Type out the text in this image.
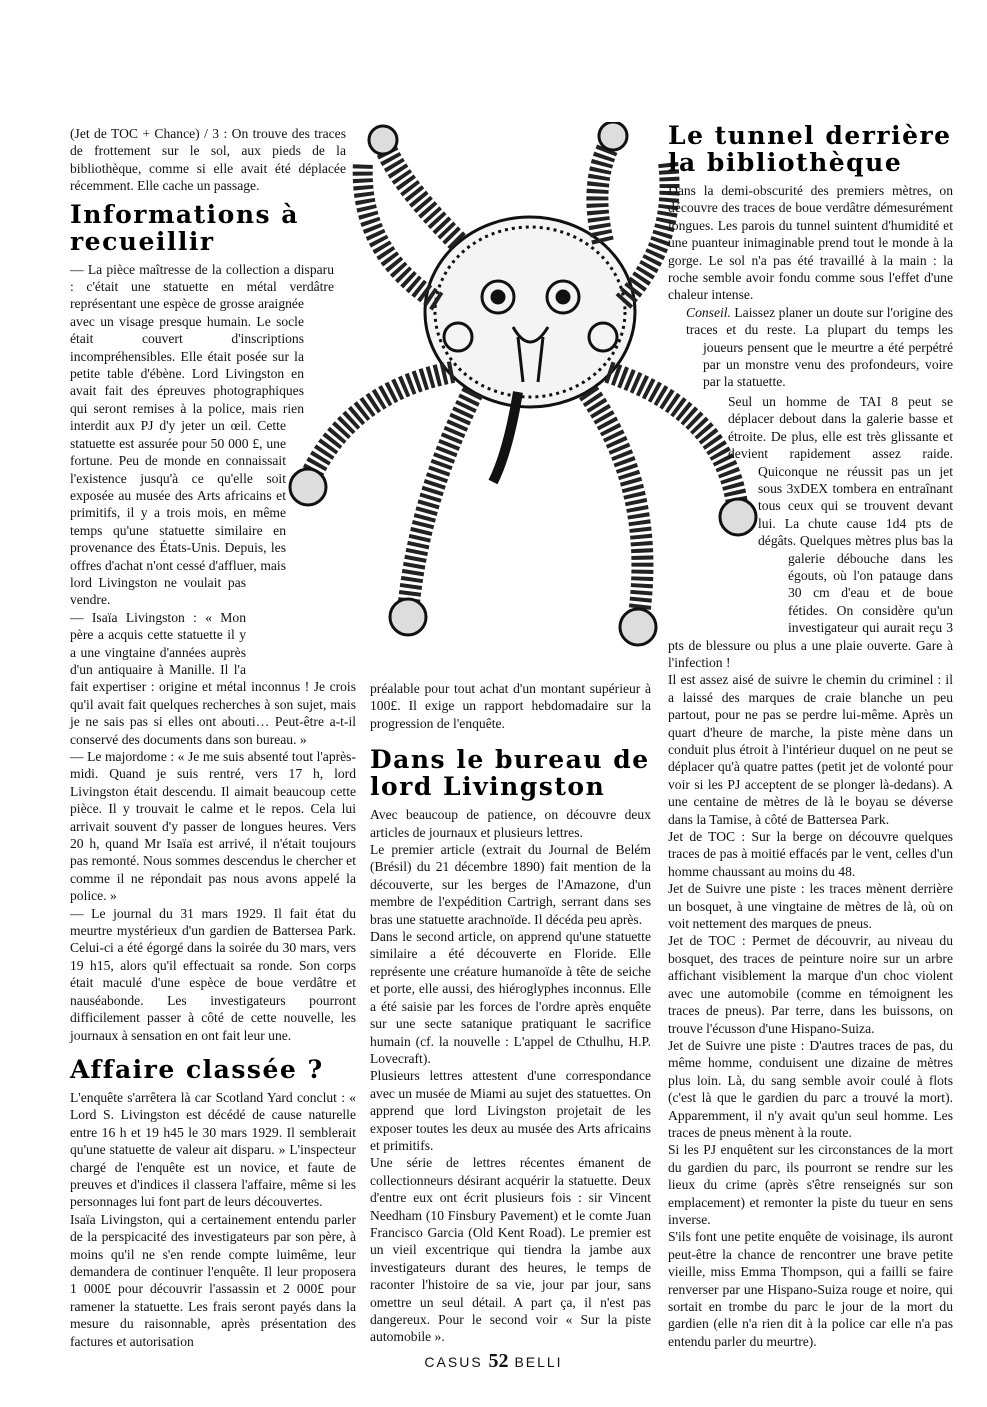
(Jet de TOC + Chance) / 3 : On trouve des traces de frottement sur le sol, aux pieds de la bibliothèque, comme si elle avait été déplacée récemment. Elle cache un passage.

Informations à recueillir

— La pièce maîtresse de la collection a disparu : c'était une statuette en métal verdâtre représentant une espèce de grosse araignée avec un visage presque humain. Le socle était couvert d'inscriptions incompréhensibles. Elle était posée sur la petite table d'ébène. Lord Livingston en avait fait des épreuves photographiques qui seront remises à la police, mais rien interdit aux PJ d'y jeter un œil. Cette statuette est assurée pour 50 000 £, une fortune. Peu de monde en connaissait l'existence jusqu'à ce qu'elle soit exposée au musée des Arts africains et primitifs, il y a trois mois, en même temps qu'une statuette similaire en provenance des États-Unis. Depuis, les offres d'achat n'ont cessé d'affluer, mais lord Livingston ne voulait pas vendre.

— Isaïa Livingston : « Mon père a acquis cette statuette il y a une vingtaine d'années auprès d'un antiquaire à Manille. Il l'a fait expertiser : origine et métal inconnus ! Je crois qu'il avait fait quelques recherches à son sujet, mais je ne sais pas si elles ont abouti… Peut-être a-t-il conservé des documents dans son bureau. »

— Le majordome : « Je me suis absenté tout l'après-midi. Quand je suis rentré, vers 17 h, lord Livingston était descendu. Il aimait beaucoup cette pièce. Il y trouvait le calme et le repos. Cela lui arrivait souvent d'y passer de longues heures. Vers 20 h, quand Mr Isaïa est arrivé, il n'était toujours pas remonté. Nous sommes descendus le chercher et comme il ne répondait pas nous avons appelé la police. »

— Le journal du 31 mars 1929. Il fait état du meurtre mystérieux d'un gardien de Battersea Park. Celui-ci a été égorgé dans la soirée du 30 mars, vers 19 h15, alors qu'il effectuait sa ronde. Son corps était maculé d'une espèce de boue verdâtre et nauséabonde. Les investigateurs pourront difficilement passer à côté de cette nouvelle, les journaux à sensation en ont fait leur une.

Affaire classée ?

L'enquête s'arrêtera là car Scotland Yard conclut : « Lord S. Livingston est décédé de cause naturelle entre 16 h et 19 h45 le 30 mars 1929. Il semblerait qu'une statuette de valeur ait disparu. » L'inspecteur chargé de l'enquête est un novice, et faute de preuves et d'indices il classera l'affaire, même si les personnages lui font part de leurs découvertes.

Isaïa Livingston, qui a certainement entendu parler de la perspicacité des investigateurs par son père, à moins qu'il ne s'en rende compte luimême, leur demandera de continuer l'enquête. Il leur proposera 1 000£ pour découvrir l'assassin et 2 000£ pour ramener la statuette. Les frais seront payés dans la mesure du raisonnable, après présentation des factures et autorisation

préalable pour tout achat d'un montant supérieur à 100£. Il exige un rapport hebdomadaire sur la progression de l'enquête.

Dans le bureau de lord Livingston

Avec beaucoup de patience, on découvre deux articles de journaux et plusieurs lettres.

Le premier article (extrait du Journal de Belém (Brésil) du 21 décembre 1890) fait mention de la découverte, sur les berges de l'Amazone, d'un membre de l'expédition Cartrigh, serrant dans ses bras une statuette arachnoïde. Il décéda peu après.

Dans le second article, on apprend qu'une statuette similaire a été découverte en Floride. Elle représente une créature humanoïde à tête de seiche et porte, elle aussi, des hiéroglyphes inconnus. Elle a été saisie par les forces de l'ordre après enquête sur une secte satanique pratiquant le sacrifice humain (cf. la nouvelle : L'appel de Cthulhu, H.P. Lovecraft).

Plusieurs lettres attestent d'une correspondance avec un musée de Miami au sujet des statuettes. On apprend que lord Livingston projetait de les exposer toutes les deux au musée des Arts africains et primitifs.

Une série de lettres récentes émanent de collectionneurs désirant acquérir la statuette. Deux d'entre eux ont écrit plusieurs fois : sir Vincent Needham (10 Finsbury Pavement) et le comte Juan Francisco Garcia (Old Kent Road). Le premier est un vieil excentrique qui tiendra la jambe aux investigateurs durant des heures, le temps de raconter l'histoire de sa vie, jour par jour, sans omettre un seul détail. A part ça, il n'est pas dangereux. Pour le second voir « Sur la piste automobile ».

Le tunnel derrière la bibliothèque

Dans la demi-obscurité des premiers mètres, on découvre des traces de boue verdâtre démesurément longues. Les parois du tunnel suintent d'humidité et une puanteur inimaginable prend tout le monde à la gorge. Le sol n'a pas été travaillé à la main : la roche semble avoir fondu comme sous l'effet d'une chaleur intense.

Conseil. Laissez planer un doute sur l'origine des traces et du reste. La plupart du temps les joueurs pensent que le meurtre a été perpétré par un monstre venu des profondeurs, voire par la statuette.

Seul un homme de TAI 8 peut se déplacer debout dans la galerie basse et étroite. De plus, elle est très glissante et devient rapidement assez raide. Quiconque ne réussit pas un jet sous 3xDEX tombera en entraînant tous ceux qui se trouvent devant lui. La chute cause 1d4 pts de dégâts. Quelques mètres plus bas la galerie débouche dans les égouts, où l'on patauge dans 30 cm d'eau et de boue fétides. On considère qu'un investigateur qui aurait reçu 3 pts de blessure ou plus a une plaie ouverte. Gare à l'infection !

Il est assez aisé de suivre le chemin du criminel : il a laissé des marques de craie blanche un peu partout, pour ne pas se perdre lui-même. Après un quart d'heure de marche, la piste mène dans un conduit plus étroit à l'intérieur duquel on ne peut se déplacer qu'à quatre pattes (petit jet de volonté pour voir si les PJ acceptent de se plonger là-dedans). A une centaine de mètres de là le boyau se déverse dans la Tamise, à côté de Battersea Park.

Jet de TOC : Sur la berge on découvre quelques traces de pas à moitié effacés par le vent, celles d'un homme chaussant au moins du 48.

Jet de Suivre une piste : les traces mènent derrière un bosquet, à une vingtaine de mètres de là, où on voit nettement des marques de pneus.

Jet de TOC : Permet de découvrir, au niveau du bosquet, des traces de peinture noire sur un arbre affichant visiblement la marque d'un choc violent avec une automobile (comme en témoignent les traces de pneus). Par terre, dans les buissons, on trouve l'écusson d'une Hispano-Suiza.

Jet de Suivre une piste : D'autres traces de pas, du même homme, conduisent une dizaine de mètres plus loin. Là, du sang semble avoir coulé à flots (c'est là que le gardien du parc a trouvé la mort). Apparemment, il n'y avait qu'un seul homme. Les traces de pneus mènent à la route.

Si les PJ enquêtent sur les circonstances de la mort du gardien du parc, ils pourront se rendre sur les lieux du crime (après s'être renseignés sur son emplacement) et remonter la piste du tueur en sens inverse.

S'ils font une petite enquête de voisinage, ils auront peut-être la chance de rencontrer une brave petite vieille, miss Emma Thompson, qui a failli se faire renverser par une Hispano-Suiza rouge et noire, qui sortait en trombe du parc le jour de la mort du gardien (elle n'a rien dit à la police car elle n'a pas entendu parler du meurtre).

CASUS 52 BELLI
